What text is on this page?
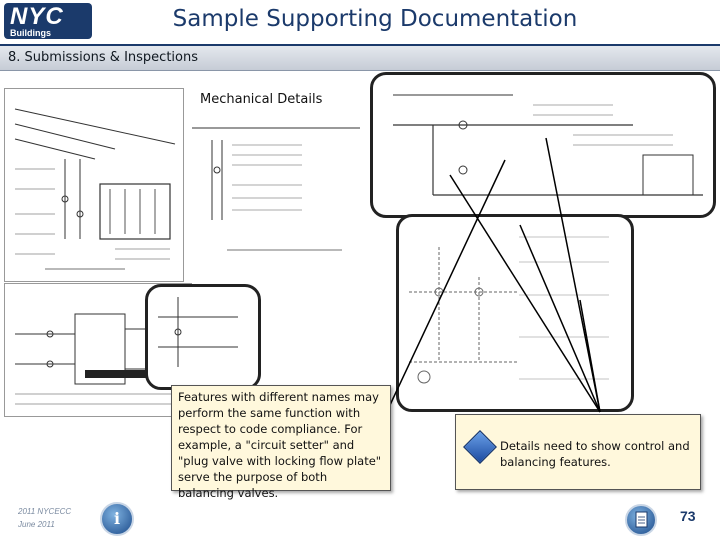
NYC
Buildings
Sample Supporting Documentation
8. Submissions & Inspections
Mechanical Details
Features with different names may perform the same function with respect to code compliance. For example, a "circuit setter" and "plug valve with locking flow plate" serve the purpose of both balancing valves.
Details need to show control and balancing features.
2011 NYCECC
June 2011	i	73
